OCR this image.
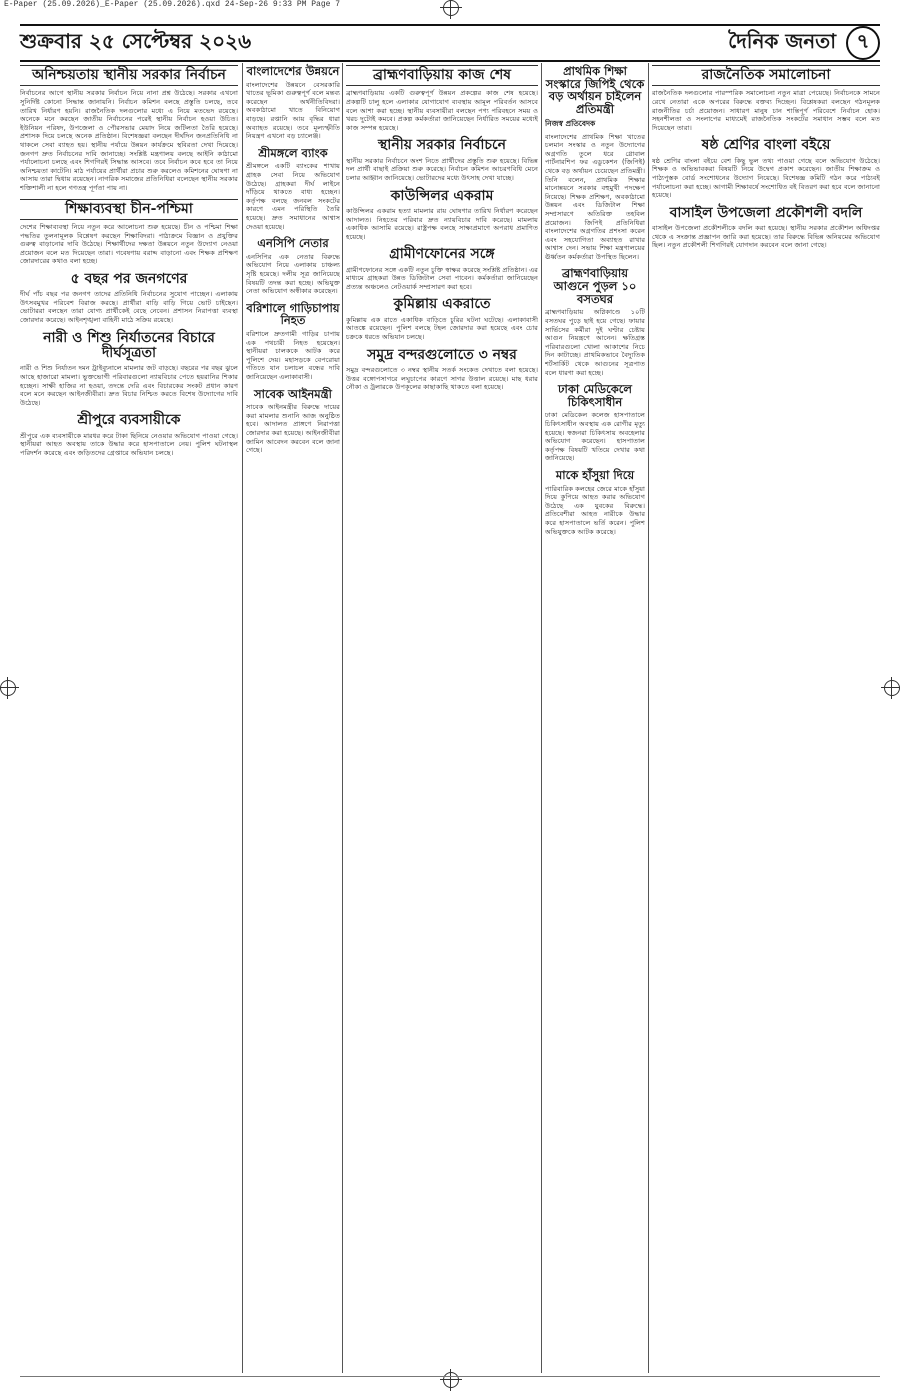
E-Paper (25.09.2026)_E-Paper (25.09.2026).qxd 24-Sep-26 9:33 PM Page 7
শুক্রবার ২৫ সেপ্টেম্বর ২০২৬	দৈনিক জনতা	৭
অনিশ্চয়তায় স্থানীয় সরকার নির্বাচন
নির্বাচনের আগে স্থানীয় সরকার নির্বাচন নিয়ে নানা প্রশ্ন উঠেছে। সরকার এখনো সুনির্দিষ্ট কোনো সিদ্ধান্ত জানায়নি। নির্বাচন কমিশন বলছে প্রস্তুতি চলছে, তবে তারিখ নির্ধারণ হয়নি। রাজনৈতিক দলগুলোর মধ্যে এ নিয়ে মতভেদ রয়েছে। অনেকে মনে করছেন জাতীয় নির্বাচনের পরেই স্থানীয় নির্বাচন হওয়া উচিত। ইউনিয়ন পরিষদ, উপজেলা ও পৌরসভার মেয়াদ নিয়ে জটিলতা তৈরি হয়েছে। প্রশাসক দিয়ে চলছে অনেক প্রতিষ্ঠান। বিশেষজ্ঞরা বলছেন দীর্ঘদিন জনপ্রতিনিধি না থাকলে সেবা ব্যাহত হয়। স্থানীয় পর্যায়ে উন্নয়ন কার্যক্রমে স্থবিরতা দেখা দিয়েছে। জনগণ দ্রুত নির্বাচনের দাবি জানাচ্ছে। সংশ্লিষ্ট মন্ত্রণালয় বলছে আইনি কাঠামো পর্যালোচনা চলছে এবং শিগগিরই সিদ্ধান্ত আসবে। তবে নির্বাচন কবে হবে তা নিয়ে অনিশ্চয়তা কাটেনি। মাঠ পর্যায়ের প্রার্থীরা প্রচার শুরু করলেও কমিশনের ঘোষণা না আসায় তারা দ্বিধায় রয়েছেন। নাগরিক সমাজের প্রতিনিধিরা বলেছেন স্থানীয় সরকার শক্তিশালী না হলে গণতন্ত্র পূর্ণতা পায় না।
শিক্ষাব্যবস্থা চীন-পশ্চিমা
দেশের শিক্ষাব্যবস্থা নিয়ে নতুন করে আলোচনা শুরু হয়েছে। চীন ও পশ্চিমা শিক্ষা পদ্ধতির তুলনামূলক বিশ্লেষণ করছেন শিক্ষাবিদরা। পাঠ্যক্রমে বিজ্ঞান ও প্রযুক্তির গুরুত্ব বাড়ানোর দাবি উঠেছে। শিক্ষার্থীদের দক্ষতা উন্নয়নে নতুন উদ্যোগ নেওয়া প্রয়োজন বলে মত দিয়েছেন তারা। গবেষণায় বরাদ্দ বাড়ানো এবং শিক্ষক প্রশিক্ষণ জোরদারের কথাও বলা হচ্ছে।
৫ বছর পর জনগণের
দীর্ঘ পাঁচ বছর পর জনগণ তাদের প্রতিনিধি নির্বাচনের সুযোগ পাচ্ছেন। এলাকায় উৎসবমুখর পরিবেশ বিরাজ করছে। প্রার্থীরা বাড়ি বাড়ি গিয়ে ভোট চাইছেন। ভোটাররা বলছেন তারা যোগ্য প্রার্থীকেই বেছে নেবেন। প্রশাসন নিরাপত্তা ব্যবস্থা জোরদার করেছে। আইনশৃঙ্খলা বাহিনী মাঠে সক্রিয় রয়েছে।
নারী ও শিশু নির্যাতনের বিচারে দীর্ঘসূত্রতা
নারী ও শিশু নির্যাতন দমন ট্রাইব্যুনালে মামলার জট বাড়ছে। বছরের পর বছর ঝুলে আছে হাজারো মামলা। ভুক্তভোগী পরিবারগুলো ন্যায়বিচার পেতে হয়রানির শিকার হচ্ছেন। সাক্ষী হাজির না হওয়া, তদন্তে দেরি এবং বিচারকের সংকট প্রধান কারণ বলে মনে করছেন আইনজীবীরা। দ্রুত বিচার নিশ্চিত করতে বিশেষ উদ্যোগের দাবি উঠেছে।
শ্রীপুরে ব্যবসায়ীকে
শ্রীপুরে এক ব্যবসায়ীকে মারধর করে টাকা ছিনিয়ে নেওয়ার অভিযোগ পাওয়া গেছে। স্থানীয়রা আহত অবস্থায় তাকে উদ্ধার করে হাসপাতালে নেয়। পুলিশ ঘটনাস্থল পরিদর্শন করেছে এবং জড়িতদের গ্রেপ্তারে অভিযান চলছে।
বাংলাদেশের উন্নয়নে
বাংলাদেশের উন্নয়নে বেসরকারি খাতের ভূমিকা গুরুত্বপূর্ণ বলে মন্তব্য করেছেন অর্থনীতিবিদরা। অবকাঠামো খাতে বিনিয়োগ বাড়ছে। রপ্তানি আয় বৃদ্ধির ধারা অব্যাহত রয়েছে। তবে মূল্যস্ফীতি নিয়ন্ত্রণ এখনো বড় চ্যালেঞ্জ।
শ্রীমঙ্গলে ব্যাংক
শ্রীমঙ্গলে একটি ব্যাংকের শাখায় গ্রাহক সেবা নিয়ে অভিযোগ উঠেছে। গ্রাহকরা দীর্ঘ লাইনে দাঁড়িয়ে থাকতে বাধ্য হচ্ছেন। কর্তৃপক্ষ বলছে জনবল সংকটের কারণে এমন পরিস্থিতি তৈরি হয়েছে। দ্রুত সমাধানের আশ্বাস দেওয়া হয়েছে।
এনসিপি নেতার
এনসিপির এক নেতার বিরুদ্ধে অভিযোগ নিয়ে এলাকায় চাঞ্চল্য সৃষ্টি হয়েছে। দলীয় সূত্র জানিয়েছে বিষয়টি তদন্ত করা হচ্ছে। অভিযুক্ত নেতা অভিযোগ অস্বীকার করেছেন।
বরিশালে গাড়িচাপায় নিহত
বরিশালে দ্রুতগামী গাড়ির চাপায় এক পথচারী নিহত হয়েছেন। স্থানীয়রা চালককে আটক করে পুলিশে দেয়। মহাসড়কে বেপরোয়া গতিতে যান চলাচল বন্ধের দাবি জানিয়েছেন এলাকাবাসী।
সাবেক আইনমন্ত্রী
সাবেক আইনমন্ত্রীর বিরুদ্ধে দায়ের করা মামলার শুনানি আজ অনুষ্ঠিত হবে। আদালত প্রাঙ্গণে নিরাপত্তা জোরদার করা হয়েছে। আইনজীবীরা জামিন আবেদন করবেন বলে জানা গেছে।
ব্রাহ্মণবাড়িয়ায় কাজ শেষ
ব্রাহ্মণবাড়িয়ায় একটি গুরুত্বপূর্ণ উন্নয়ন প্রকল্পের কাজ শেষ হয়েছে। প্রকল্পটি চালু হলে এলাকার যোগাযোগ ব্যবস্থায় আমূল পরিবর্তন আসবে বলে আশা করা হচ্ছে। স্থানীয় ব্যবসায়ীরা বলছেন পণ্য পরিবহনে সময় ও খরচ দুটোই কমবে। প্রকল্প কর্মকর্তারা জানিয়েছেন নির্ধারিত সময়ের মধ্যেই কাজ সম্পন্ন হয়েছে।
স্থানীয় সরকার নির্বাচনে
স্থানীয় সরকার নির্বাচনে অংশ নিতে প্রার্থীদের প্রস্তুতি শুরু হয়েছে। বিভিন্ন দল প্রার্থী বাছাই প্রক্রিয়া শুরু করেছে। নির্বাচন কমিশন আচরণবিধি মেনে চলার আহ্বান জানিয়েছে। ভোটারদের মধ্যে উৎসাহ দেখা যাচ্ছে।
কাউন্সিলর একরাম
কাউন্সিলর একরাম হত্যা মামলার রায় ঘোষণার তারিখ নির্ধারণ করেছেন আদালত। নিহতের পরিবার দ্রুত ন্যায়বিচার দাবি করেছে। মামলায় একাধিক আসামি রয়েছে। রাষ্ট্রপক্ষ বলছে সাক্ষ্যপ্রমাণে অপরাধ প্রমাণিত হয়েছে।
গ্রামীণফোনের সঙ্গে
গ্রামীণফোনের সঙ্গে একটি নতুন চুক্তি স্বাক্ষর করেছে সংশ্লিষ্ট প্রতিষ্ঠান। এর মাধ্যমে গ্রাহকরা উন্নত ডিজিটাল সেবা পাবেন। কর্মকর্তারা জানিয়েছেন প্রত্যন্ত অঞ্চলেও নেটওয়ার্ক সম্প্রসারণ করা হবে।
কুমিল্লায় একরাতে
কুমিল্লায় এক রাতে একাধিক বাড়িতে চুরির ঘটনা ঘটেছে। এলাকাবাসী আতঙ্কে রয়েছেন। পুলিশ বলছে টহল জোরদার করা হয়েছে এবং চোর চক্রকে ধরতে অভিযান চলছে।
সমুদ্র বন্দরগুলোতে ৩ নম্বর
সমুদ্র বন্দরগুলোতে ৩ নম্বর স্থানীয় সতর্ক সংকেত দেখাতে বলা হয়েছে। উত্তর বঙ্গোপসাগরে লঘুচাপের কারণে সাগর উত্তাল রয়েছে। মাছ ধরার নৌকা ও ট্রলারকে উপকূলের কাছাকাছি থাকতে বলা হয়েছে।
প্রাথমিক শিক্ষা সংস্কারে জিপিই থেকে বড় অর্থায়ন চাইলেন প্রতিমন্ত্রী
নিজস্ব প্রতিবেদক
বাংলাদেশের প্রাথমিক শিক্ষা খাতের চলমান সংস্কার ও নতুন উদ্যোগের অগ্রগতি তুলে ধরে গ্লোবাল পার্টনারশিপ ফর এডুকেশন (জিপিই) থেকে বড় অর্থায়ন চেয়েছেন প্রতিমন্ত্রী। তিনি বলেন, প্রাথমিক শিক্ষার মানোন্নয়নে সরকার বহুমুখী পদক্ষেপ নিয়েছে। শিক্ষক প্রশিক্ষণ, অবকাঠামো উন্নয়ন এবং ডিজিটাল শিক্ষা সম্প্রসারণে অতিরিক্ত তহবিল প্রয়োজন। জিপিই প্রতিনিধিরা বাংলাদেশের অগ্রগতির প্রশংসা করেন এবং সহযোগিতা অব্যাহত রাখার আশ্বাস দেন। সভায় শিক্ষা মন্ত্রণালয়ের ঊর্ধ্বতন কর্মকর্তারা উপস্থিত ছিলেন।
ব্রাহ্মণবাড়িয়ায় আগুনে পুড়ল ১০ বসতঘর
ব্রাহ্মণবাড়িয়ায় অগ্নিকাণ্ডে ১০টি বসতঘর পুড়ে ছাই হয়ে গেছে। ফায়ার সার্ভিসের কর্মীরা দুই ঘণ্টার চেষ্টায় আগুন নিয়ন্ত্রণে আনেন। ক্ষতিগ্রস্ত পরিবারগুলো খোলা আকাশের নিচে দিন কাটাচ্ছে। প্রাথমিকভাবে বৈদ্যুতিক শর্টসার্কিট থেকে আগুনের সূত্রপাত বলে ধারণা করা হচ্ছে।
ঢাকা মেডিকেলে চিকিৎসাধীন
ঢাকা মেডিকেল কলেজ হাসপাতালে চিকিৎসাধীন অবস্থায় এক রোগীর মৃত্যু হয়েছে। স্বজনরা চিকিৎসায় অবহেলার অভিযোগ করেছেন। হাসপাতাল কর্তৃপক্ষ বিষয়টি খতিয়ে দেখার কথা জানিয়েছে।
মাকে হাঁসুয়া দিয়ে
পারিবারিক কলহের জেরে মাকে হাঁসুয়া দিয়ে কুপিয়ে আহত করার অভিযোগ উঠেছে এক যুবকের বিরুদ্ধে। প্রতিবেশীরা আহত নারীকে উদ্ধার করে হাসপাতালে ভর্তি করেন। পুলিশ অভিযুক্তকে আটক করেছে।
রাজনৈতিক সমালোচনা
রাজনৈতিক দলগুলোর পারস্পরিক সমালোচনা নতুন মাত্রা পেয়েছে। নির্বাচনকে সামনে রেখে নেতারা একে অপরের বিরুদ্ধে বক্তব্য দিচ্ছেন। বিশ্লেষকরা বলছেন গঠনমূলক রাজনীতির চর্চা প্রয়োজন। সাধারণ মানুষ চান শান্তিপূর্ণ পরিবেশে নির্বাচন হোক। সহনশীলতা ও সংলাপের মাধ্যমেই রাজনৈতিক সংকটের সমাধান সম্ভব বলে মত দিয়েছেন তারা।
ষষ্ঠ শ্রেণির বাংলা বইয়ে
ষষ্ঠ শ্রেণির বাংলা বইয়ে বেশ কিছু ভুল তথ্য পাওয়া গেছে বলে অভিযোগ উঠেছে। শিক্ষক ও অভিভাবকরা বিষয়টি নিয়ে উদ্বেগ প্রকাশ করেছেন। জাতীয় শিক্ষাক্রম ও পাঠ্যপুস্তক বোর্ড সংশোধনের উদ্যোগ নিয়েছে। বিশেষজ্ঞ কমিটি গঠন করে পাঠ্যবই পর্যালোচনা করা হচ্ছে। আগামী শিক্ষাবর্ষে সংশোধিত বই বিতরণ করা হবে বলে জানানো হয়েছে।
বাসাইল উপজেলা প্রকৌশলী বদলি
বাসাইল উপজেলা প্রকৌশলীকে বদলি করা হয়েছে। স্থানীয় সরকার প্রকৌশল অধিদপ্তর থেকে এ সংক্রান্ত প্রজ্ঞাপন জারি করা হয়েছে। তার বিরুদ্ধে বিভিন্ন অনিয়মের অভিযোগ ছিল। নতুন প্রকৌশলী শিগগিরই যোগদান করবেন বলে জানা গেছে।
